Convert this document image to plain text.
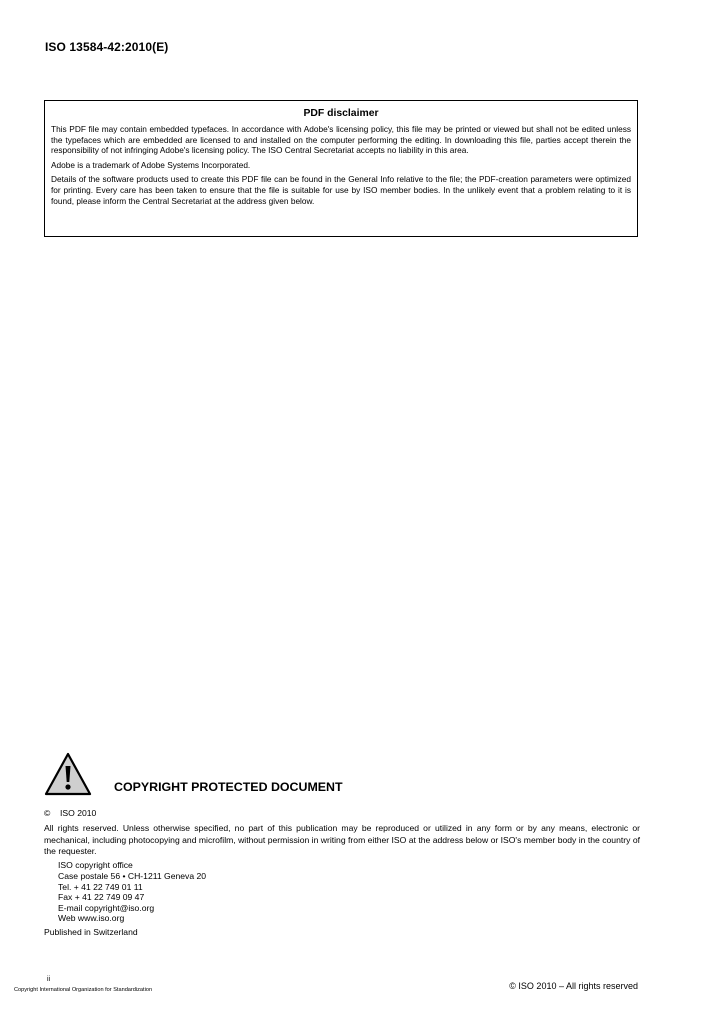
ISO 13584-42:2010(E)
PDF disclaimer

This PDF file may contain embedded typefaces. In accordance with Adobe's licensing policy, this file may be printed or viewed but shall not be edited unless the typefaces which are embedded are licensed to and installed on the computer performing the editing. In downloading this file, parties accept therein the responsibility of not infringing Adobe's licensing policy. The ISO Central Secretariat accepts no liability in this area.

Adobe is a trademark of Adobe Systems Incorporated.

Details of the software products used to create this PDF file can be found in the General Info relative to the file; the PDF-creation parameters were optimized for printing. Every care has been taken to ensure that the file is suitable for use by ISO member bodies. In the unlikely event that a problem relating to it is found, please inform the Central Secretariat at the address given below.

COPYRIGHT PROTECTED DOCUMENT
© ISO 2010

All rights reserved. Unless otherwise specified, no part of this publication may be reproduced or utilized in any form or by any means, electronic or mechanical, including photocopying and microfilm, without permission in writing from either ISO at the address below or ISO's member body in the country of the requester.

ISO copyright office
Case postale 56 • CH-1211 Geneva 20
Tel. + 41 22 749 01 11
Fax + 41 22 749 09 47
E-mail copyright@iso.org
Web www.iso.org
Published in Switzerland
ii
Copyright International Organization for Standardization	© ISO 2010 – All rights reserved
